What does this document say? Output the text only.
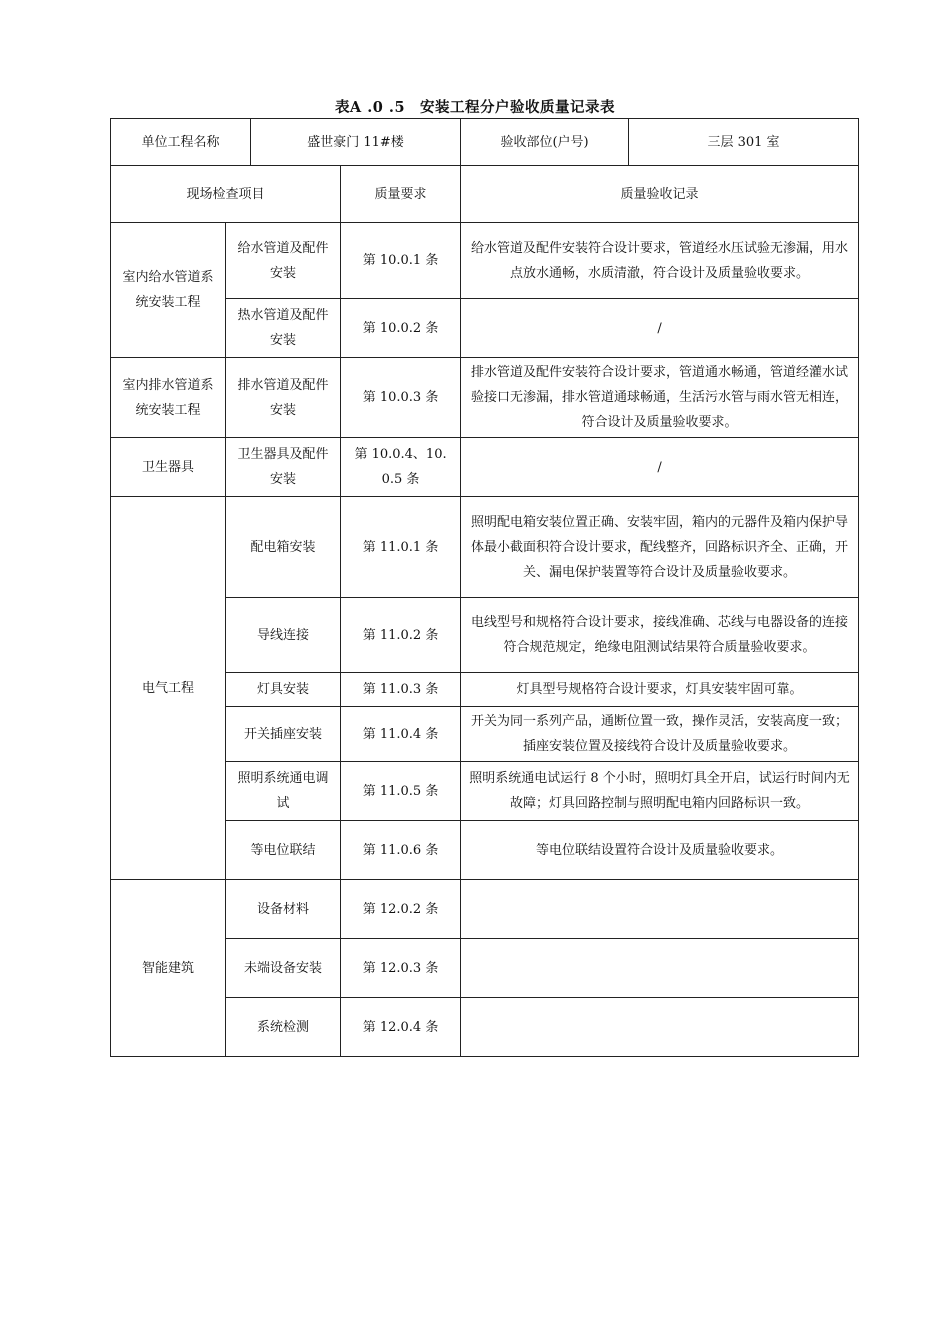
表A .0 .5　安装工程分户验收质量记录表
单位工程名称		盛世豪门 11#楼		验收部位(户号)	三层 301 室
现场检查项目			质量要求	质量验收记录	
室内给水管道系统安装工程	给水管道及配件安装		第 10.0.1 条	给水管道及配件安装符合设计要求，管道经水压试验无渗漏，用水点放水通畅，水质清澈，符合设计及质量验收要求。	
	热水管道及配件安装		第 10.0.2 条	/	
室内排水管道系统安装工程	排水管道及配件安装		第 10.0.3 条	排水管道及配件安装符合设计要求，管道通水畅通，管道经灌水试验接口无渗漏，排水管道通球畅通，生活污水管与雨水管无相连，符合设计及质量验收要求。	
卫生器具	卫生器具及配件安装		第 10.0.4、10.0.5 条	/	
电气工程	配电箱安装		第 11.0.1 条	照明配电箱安装位置正确、安装牢固，箱内的元器件及箱内保护导体最小截面积符合设计要求，配线整齐，回路标识齐全、正确，开关、漏电保护装置等符合设计及质量验收要求。	
	导线连接		第 11.0.2 条	电线型号和规格符合设计要求，接线准确、芯线与电器设备的连接符合规范规定，绝缘电阻测试结果符合质量验收要求。	
	灯具安装		第 11.0.3 条	灯具型号规格符合设计要求，灯具安装牢固可靠。	
	开关插座安装		第 11.0.4 条	开关为同一系列产品，通断位置一致，操作灵活，安装高度一致；插座安装位置及接线符合设计及质量验收要求。	
	照明系统通电调试		第 11.0.5 条	照明系统通电试运行 8 个小时，照明灯具全开启，试运行时间内无故障；灯具回路控制与照明配电箱内回路标识一致。	
	等电位联结		第 11.0.6 条	等电位联结设置符合设计及质量验收要求。	
智能建筑	设备材料		第 12.0.2 条		
	未端设备安装		第 12.0.3 条		
	系统检测		第 12.0.4 条		
